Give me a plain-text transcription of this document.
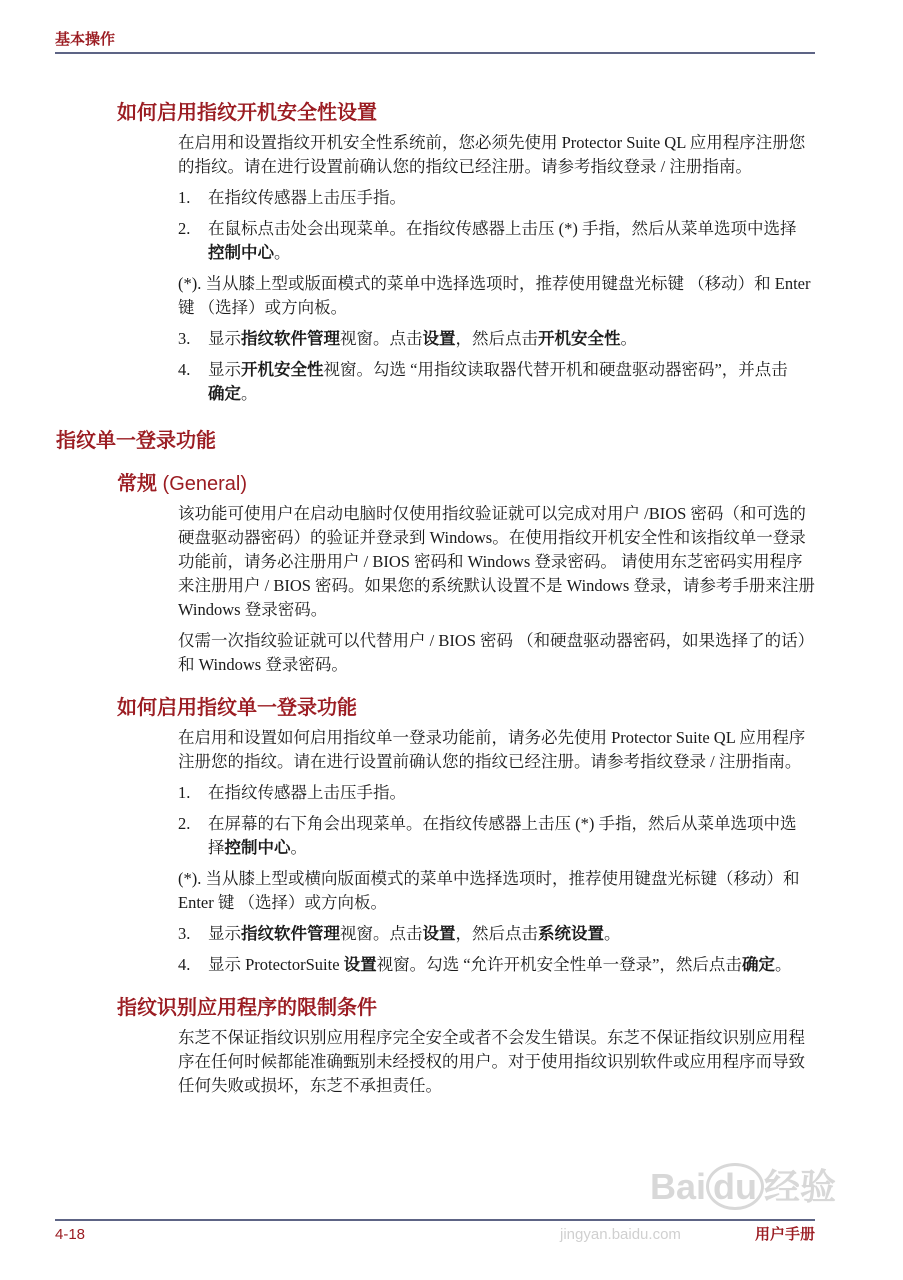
基本操作
如何启用指纹开机安全性设置
在启用和设置指纹开机安全性系统前，您必须先使用 Protector Suite QL 应用程序注册您的指纹。请在进行设置前确认您的指纹已经注册。请参考指纹登录 / 注册指南。
1.	在指纹传感器上击压手指。
2.	在鼠标点击处会出现菜单。在指纹传感器上击压 (*) 手指，然后从菜单选项中选择控制中心。
(*). 当从膝上型或版面模式的菜单中选择选项时，推荐使用键盘光标键 （移动）和 Enter键 （选择）或方向板。
3.	显示指纹软件管理视窗。点击设置，然后点击开机安全性。
4.	显示开机安全性视窗。勾选 “用指纹读取器代替开机和硬盘驱动器密码”，并点击确定。
指纹单一登录功能
常规 (General)
该功能可使用户在启动电脑时仅使用指纹验证就可以完成对用户 /BIOS 密码（和可选的硬盘驱动器密码）的验证并登录到 Windows。在使用指纹开机安全性和该指纹单一登录功能前，请务必注册用户 / BIOS 密码和 Windows 登录密码。 请使用东芝密码实用程序来注册用户 / BIOS 密码。如果您的系统默认设置不是 Windows 登录，请参考手册来注册 Windows 登录密码。
仅需一次指纹验证就可以代替用户 / BIOS 密码 （和硬盘驱动器密码，如果选择了的话）和 Windows 登录密码。
如何启用指纹单一登录功能
在启用和设置如何启用指纹单一登录功能前，请务必先使用 Protector Suite QL 应用程序注册您的指纹。请在进行设置前确认您的指纹已经注册。请参考指纹登录 / 注册指南。
1.	在指纹传感器上击压手指。
2.	在屏幕的右下角会出现菜单。在指纹传感器上击压 (*) 手指，然后从菜单选项中选择控制中心。
(*). 当从膝上型或横向版面模式的菜单中选择选项时，推荐使用键盘光标键（移动）和 Enter 键 （选择）或方向板。
3.	显示指纹软件管理视窗。点击设置，然后点击系统设置。
4.	显示 ProtectorSuite 设置视窗。勾选 “允许开机安全性单一登录”，然后点击确定。
指纹识别应用程序的限制条件
东芝不保证指纹识别应用程序完全安全或者不会发生错误。东芝不保证指纹识别应用程序在任何时候都能准确甄别未经授权的用户。对于使用指纹识别软件或应用程序而导致任何失败或损坏，东芝不承担责任。
Bai du 经验
jingyan.baidu.com
4-18	用户手册
